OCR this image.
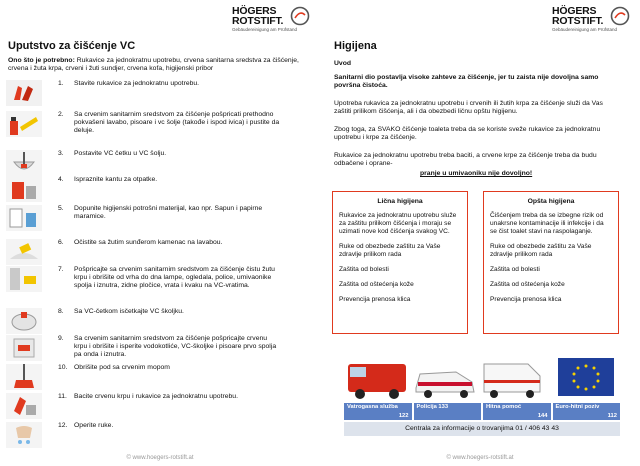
HÖGERS
ROTSTIFT.
Gebäudereinigung am Prüfstand
Uputstvo za čišćenje VC
Ono što je potrebno: Rukavice za jednokratnu upotrebu, crvena sanitarna sredstva za čišćenje, crvena i žuta krpa, crveni i žuti sundjer, crvena kofa, higijenski pribor
1.	Stavite rukavice za jednokratnu upotrebu.
2.	Sa crvenim sanitarnim sredstvom za čišćenje pošpricati prethodno pokvašeni lavabo, pisoare i vc šolje (takođe i ispod ivica) i pustite da deluje.
3.	Postavite VC četku u VC šolju.
4.	Ispraznite kantu za otpatke.
5.	Dopunite higijenski potrošni materijal, kao npr. Sapun i papirne maramice.
6.	Očistite sa žutim sunđerom kamenac na lavabou.
7.	Pošpricajte sa crvenim sanitarnim sredstvom za čišćenje čistu žutu krpu i obrišite od vrha do dna lampe, ogledala, police, umivaonike spolja i iznutra, zidne pločice, vrata i kvaku na VC-vratima.
8.	Sa VC-četkom isčetkajte VC školjku.
9.	Sa crvenim sanitarnim sredstvom za čišćenje pošpricajte crvenu krpu i obrišite i isperite vodokotliće, VC-školjke i pisoare prvo spolja pa onda i iznutra.
10. Obrišite pod sa crvenim mopom
11.	Bacite crvenu krpu i rukavice za jednokratnu upotrebu.
12. Operite ruke.
© www.hoegers-rotstift.at
HÖGERS
ROTSTIFT.
Gebäudereinigung am Prüfstand
Higijena
Uvod
Sanitarni dio postavlja visoke zahteve za čišćenje, jer tu zaista nije dovoljna samo površna čistoća.
Upotreba rukavica za jednokratnu upotrebu i crvenih ili žutih krpa za čišćenje služi da Vas zaštiti prilikom čišćenja, ali i da obezbedi ličnu opštu higijenu.
Zbog toga, za SVAKO čišćenje toaleta treba da se koriste sveže rukavice za jednokratnu upotrebu i krpe za čišćenje.
Rukavice za jednokratnu upotrebu treba baciti, a crvene krpe za čišćenje treba da budu odbačene i oprane-
pranje u umivaoniku nije dovoljno!
Lična higijena
Rukavice za jednokratnu upotrebu služe za zaštitu prilikom čišćenja i moraju se uzimati nove kod čišćenja svakog VC.
Ruke od obezbede zaštitu za Vaše zdravlje prilikom rada
Zaštita od bolesti
Zaštita od oštećenja kože
Prevencija prenosa klica
Opšta higijena
Čišćenjem treba da se izbegne rizik od unakrsne kontaminacije ili infekcije i da se čist toalet stavi na raspolaganje.
Ruke od obezbede zaštitu za Vaše zdravlje prilikom rada
Zaštita od bolesti
Zaštita od oštećenja kože
Prevencija prenosa klica
Vatrogasna služba
122
Policija 133	Hitna pomoć
144
Euro-hitni poziv
112
Centrala za informacije o trovanjima 01 / 406 43 43
© www.hoegers-rotstift.at
